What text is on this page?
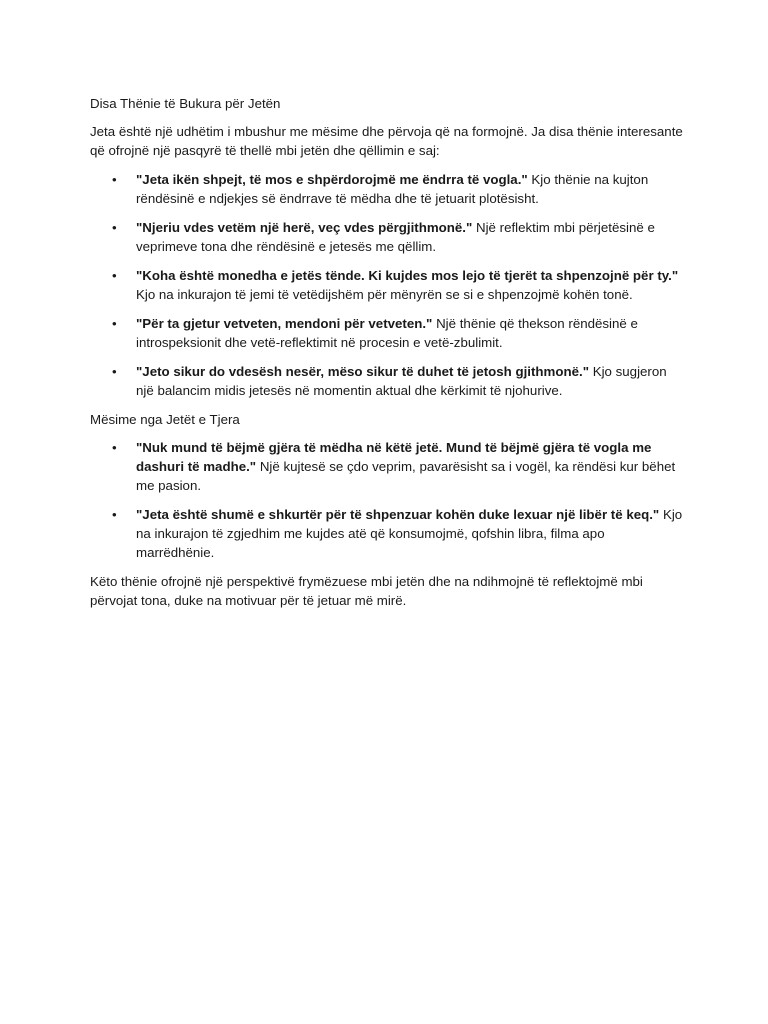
Disa Thënie të Bukura për Jetën

Jeta është një udhëtim i mbushur me mësime dhe përvoja që na formojnë. Ja disa thënie interesante që ofrojnë një pasqyrë të thellë mbi jetën dhe qëllimin e saj:

• "Jeta ikën shpejt, të mos e shpërdorojmë me ëndrra të vogla." Kjo thënie na kujton rëndësinë e ndjekjes së ëndrrave të mëdha dhe të jetuarit plotësisht.
• "Njeriu vdes vetëm një herë, veç vdes përgjithmonë." Një reflektim mbi përjetësinë e veprimeve tona dhe rëndësinë e jetesës me qëllim.
• "Koha është monedha e jetës tënde. Ki kujdes mos lejo të tjerët ta shpenzojnë për ty." Kjo na inkurajon të jemi të vetëdijshëm për mënyrën se si e shpenzojmë kohën tonë.
• "Për ta gjetur vetveten, mendoni për vetveten." Një thënie që thekson rëndësinë e introspeksionit dhe vetë-reflektimit në procesin e vetë-zbulimit.
• "Jeto sikur do vdesësh nesër, mëso sikur të duhet të jetosh gjithmonë." Kjo sugjeron një balancim midis jetesës në momentin aktual dhe kërkimit të njohurive.

Mësime nga Jetët e Tjera

• "Nuk mund të bëjmë gjëra të mëdha në këtë jetë. Mund të bëjmë gjëra të vogla me dashuri të madhe." Një kujtesë se çdo veprim, pavarësisht sa i vogël, ka rëndësi kur bëhet me pasion.
• "Jeta është shumë e shkurtër për të shpenzuar kohën duke lexuar një libër të keq." Kjo na inkurajon të zgjedhim me kujdes atë që konsumojmë, qofshin libra, filma apo marrëdhënie.

Këto thënie ofrojnë një perspektivë frymëzuese mbi jetën dhe na ndihmojnë të reflektojmë mbi përvojat tona, duke na motivuar për të jetuar më mirë.
